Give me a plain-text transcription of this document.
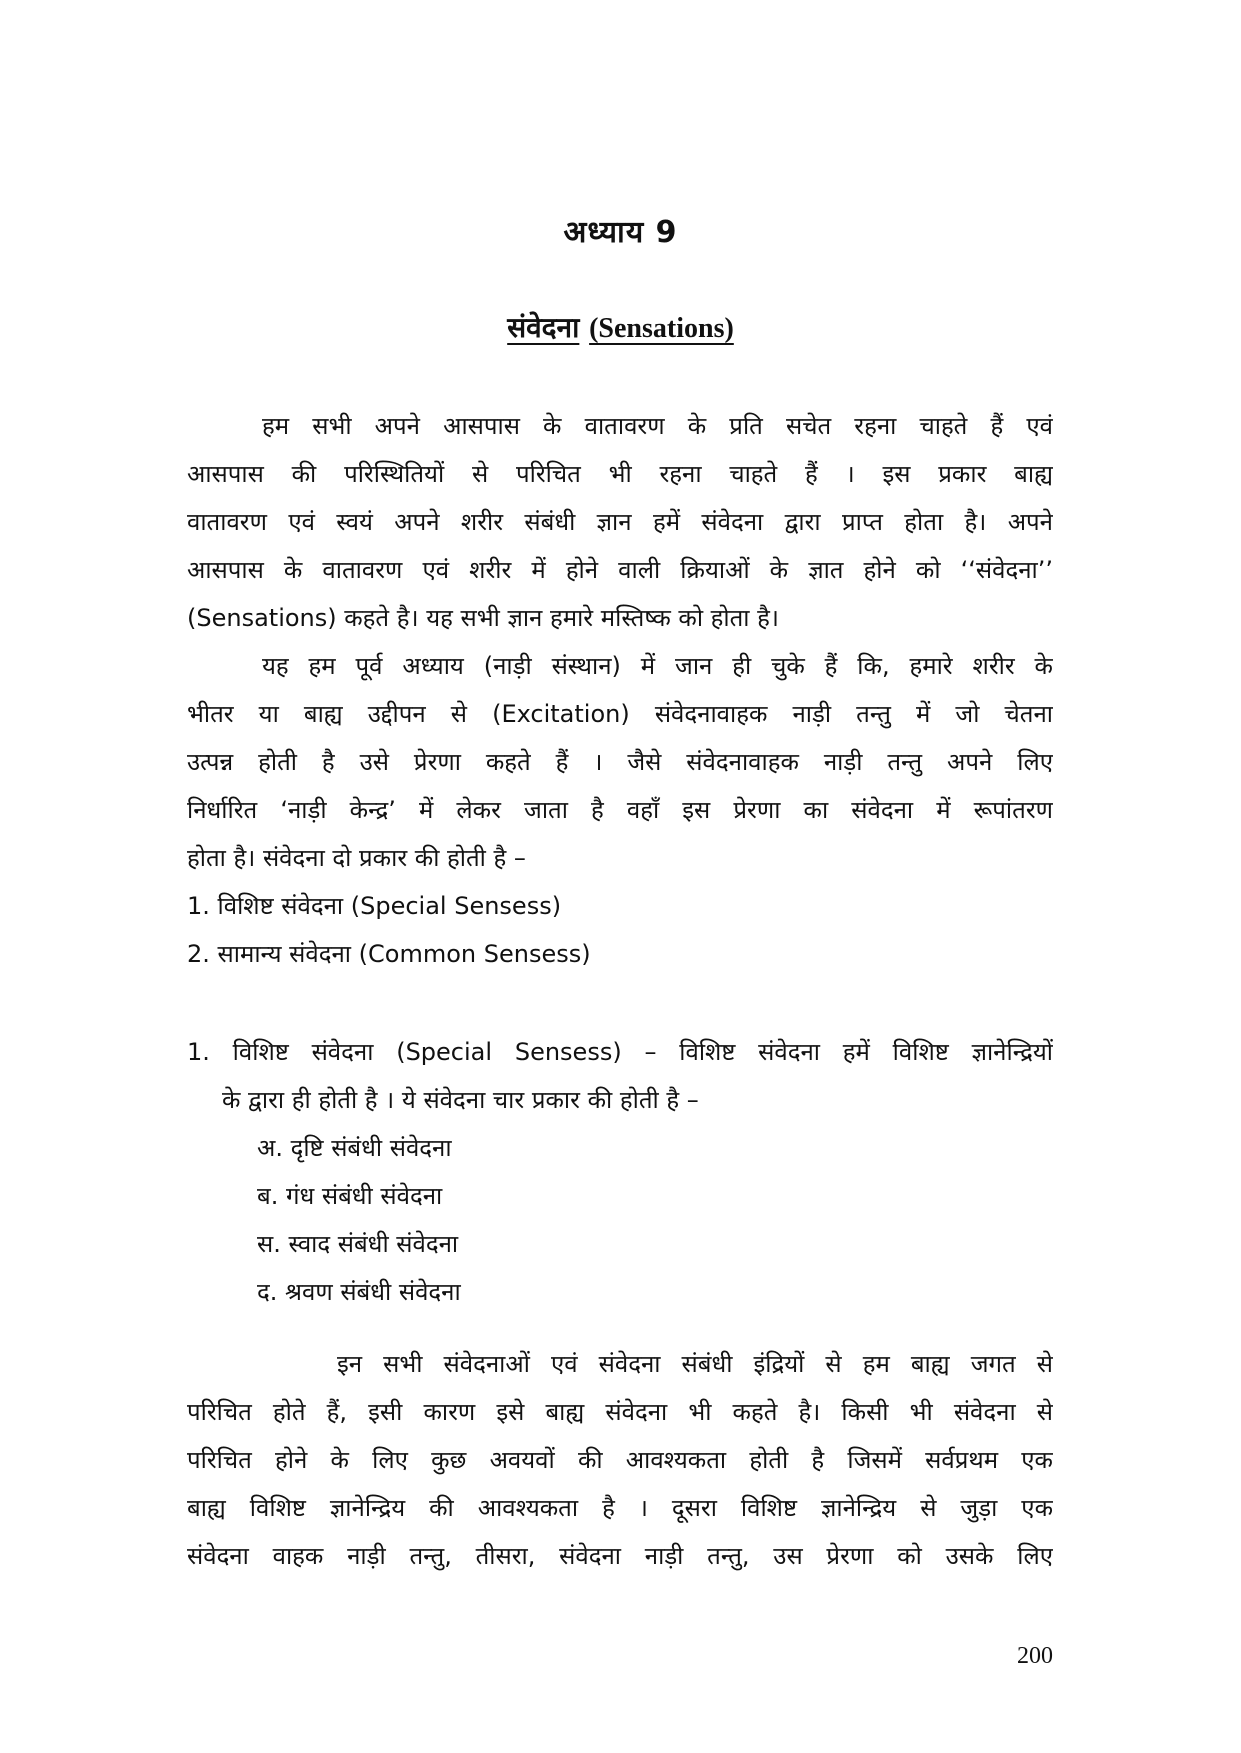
अध्याय 9
संवेदना (Sensations)
हम सभी अपने आसपास के वातावरण के प्रति सचेत रहना चाहते हैं एवं
आसपास की परिस्थितियों से परिचित भी रहना चाहते हैं । इस प्रकार बाह्य
वातावरण एवं स्वयं अपने शरीर संबंधी ज्ञान हमें संवेदना द्वारा प्राप्त होता है। अपने
आसपास के वातावरण एवं शरीर में होने वाली क्रियाओं के ज्ञात होने को ‘‘संवेदना’’
(Sensations) कहते है। यह सभी ज्ञान हमारे मस्तिष्क को होता है।
यह हम पूर्व अध्याय (नाड़ी संस्थान) में जान ही चुके हैं कि, हमारे शरीर के
भीतर या बाह्य उद्दीपन से (Excitation) संवेदनावाहक नाड़ी तन्तु में जो चेतना
उत्पन्न होती है उसे प्रेरणा कहते हैं । जैसे संवेदनावाहक नाड़ी तन्तु अपने लिए
निर्धारित ‘नाड़ी केन्द्र’ में लेकर जाता है वहाँ इस प्रेरणा का संवेदना में रूपांतरण
होता है। संवेदना दो प्रकार की होती है –
1. विशिष्ट संवेदना (Special Sensess)
2. सामान्य संवेदना (Common Sensess)
1. विशिष्ट संवेदना (Special Sensess) – विशिष्ट संवेदना हमें विशिष्ट ज्ञानेन्द्रियों
के द्वारा ही होती है । ये संवेदना चार प्रकार की होती है –
अ. दृष्टि संबंधी संवेदना
ब. गंध संबंधी संवेदना
स. स्वाद संबंधी संवेदना
द. श्रवण संबंधी संवेदना
इन सभी संवेदनाओं एवं संवेदना संबंधी इंद्रियों से हम बाह्य जगत से
परिचित होते हैं, इसी कारण इसे बाह्य संवेदना भी कहते है। किसी भी संवेदना से
परिचित होने के लिए कुछ अवयवों की आवश्यकता होती है जिसमें सर्वप्रथम एक
बाह्य विशिष्ट ज्ञानेन्द्रिय की आवश्यकता है । दूसरा विशिष्ट ज्ञानेन्द्रिय से जुड़ा एक
संवेदना वाहक नाड़ी तन्तु, तीसरा, संवेदना नाड़ी तन्तु, उस प्रेरणा को उसके लिए
200
